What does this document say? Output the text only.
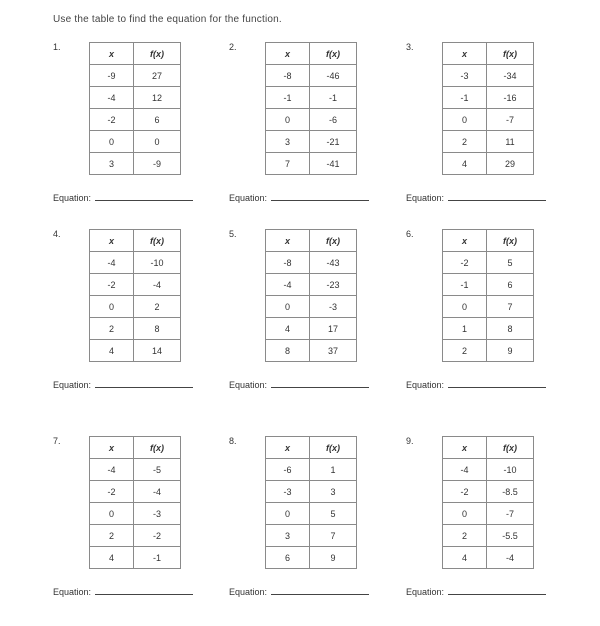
Use the table to find the equation for the function.
1.
x	f(x)
-9	27
-4	12
-2	6
0	0
3	-9
Equation:
2.
x	f(x)
-8	-46
-1	-1
0	-6
3	-21
7	-41
Equation:
3.
x	f(x)
-3	-34
-1	-16
0	-7
2	11
4	29
Equation:
4.
x	f(x)
-4	-10
-2	-4
0	2
2	8
4	14
Equation:
5.
x	f(x)
-8	-43
-4	-23
0	-3
4	17
8	37
Equation:
6.
x	f(x)
-2	5
-1	6
0	7
1	8
2	9
Equation:
7.
x	f(x)
-4	-5
-2	-4
0	-3
2	-2
4	-1
Equation:
8.
x	f(x)
-6	1
-3	3
0	5
3	7
6	9
Equation:
9.
x	f(x)
-4	-10
-2	-8.5
0	-7
2	-5.5
4	-4
Equation:
